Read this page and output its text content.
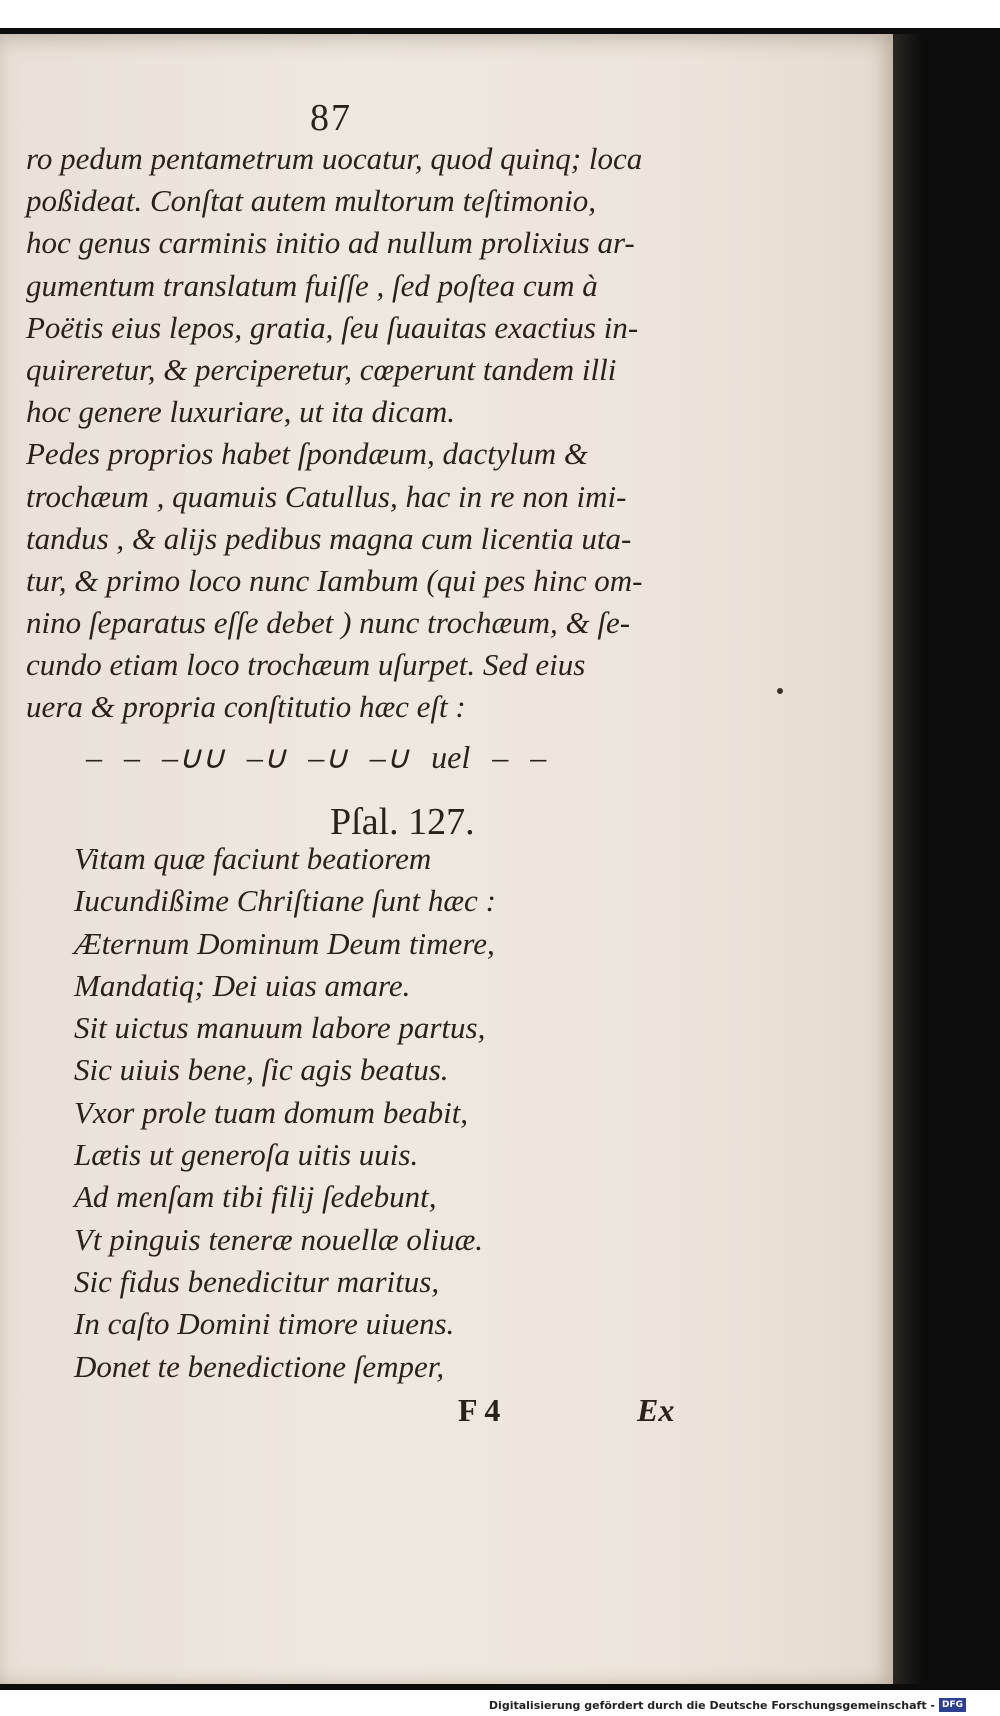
87
ro pedum pentametrum uocatur, quod quinq; loca
poßideat. Conſtat autem multorum teſtimonio,
hoc genus carminis initio ad nullum prolixius ar-
gumentum translatum fuiſſe , ſed poſtea cum à
Poëtis eius lepos, gratia, ſeu ſuauitas exactius in-
quireretur, & perciperetur, cœperunt tandem illi
hoc genere luxuriare, ut ita dicam.
Pedes proprios habet ſpondæum, dactylum &
trochæum , quamuis Catullus, hac in re non imi-
tandus , & alijs pedibus magna cum licentia uta-
tur, & primo loco nunc Iambum (qui pes hinc om-
nino ſeparatus eſſe debet ) nunc trochæum, & ſe-
cundo etiam loco trochæum uſurpet. Sed eius
uera & propria conſtitutio hæc eſt :
– – –∪∪ –∪ –∪ –∪ uel – –
Pſal. 127.
Vitam quæ faciunt beatiorem
Iucundißime Chriſtiane ſunt hæc :
Æternum Dominum Deum timere,
Mandatiq; Dei uias amare.
Sit uictus manuum labore partus,
Sic uiuis bene, ſic agis beatus.
Vxor prole tuam domum beabit,
Lætis ut generoſa uitis uuis.
Ad menſam tibi filij ſedebunt,
Vt pinguis teneræ nouellæ oliuæ.
Sic fidus benedicitur maritus,
In caſto Domini timore uiuens.
Donet te benedictione ſemper,
F 4	Ex
Digitalisierung gefördert durch die Deutsche Forschungsgemeinschaft - DFG
